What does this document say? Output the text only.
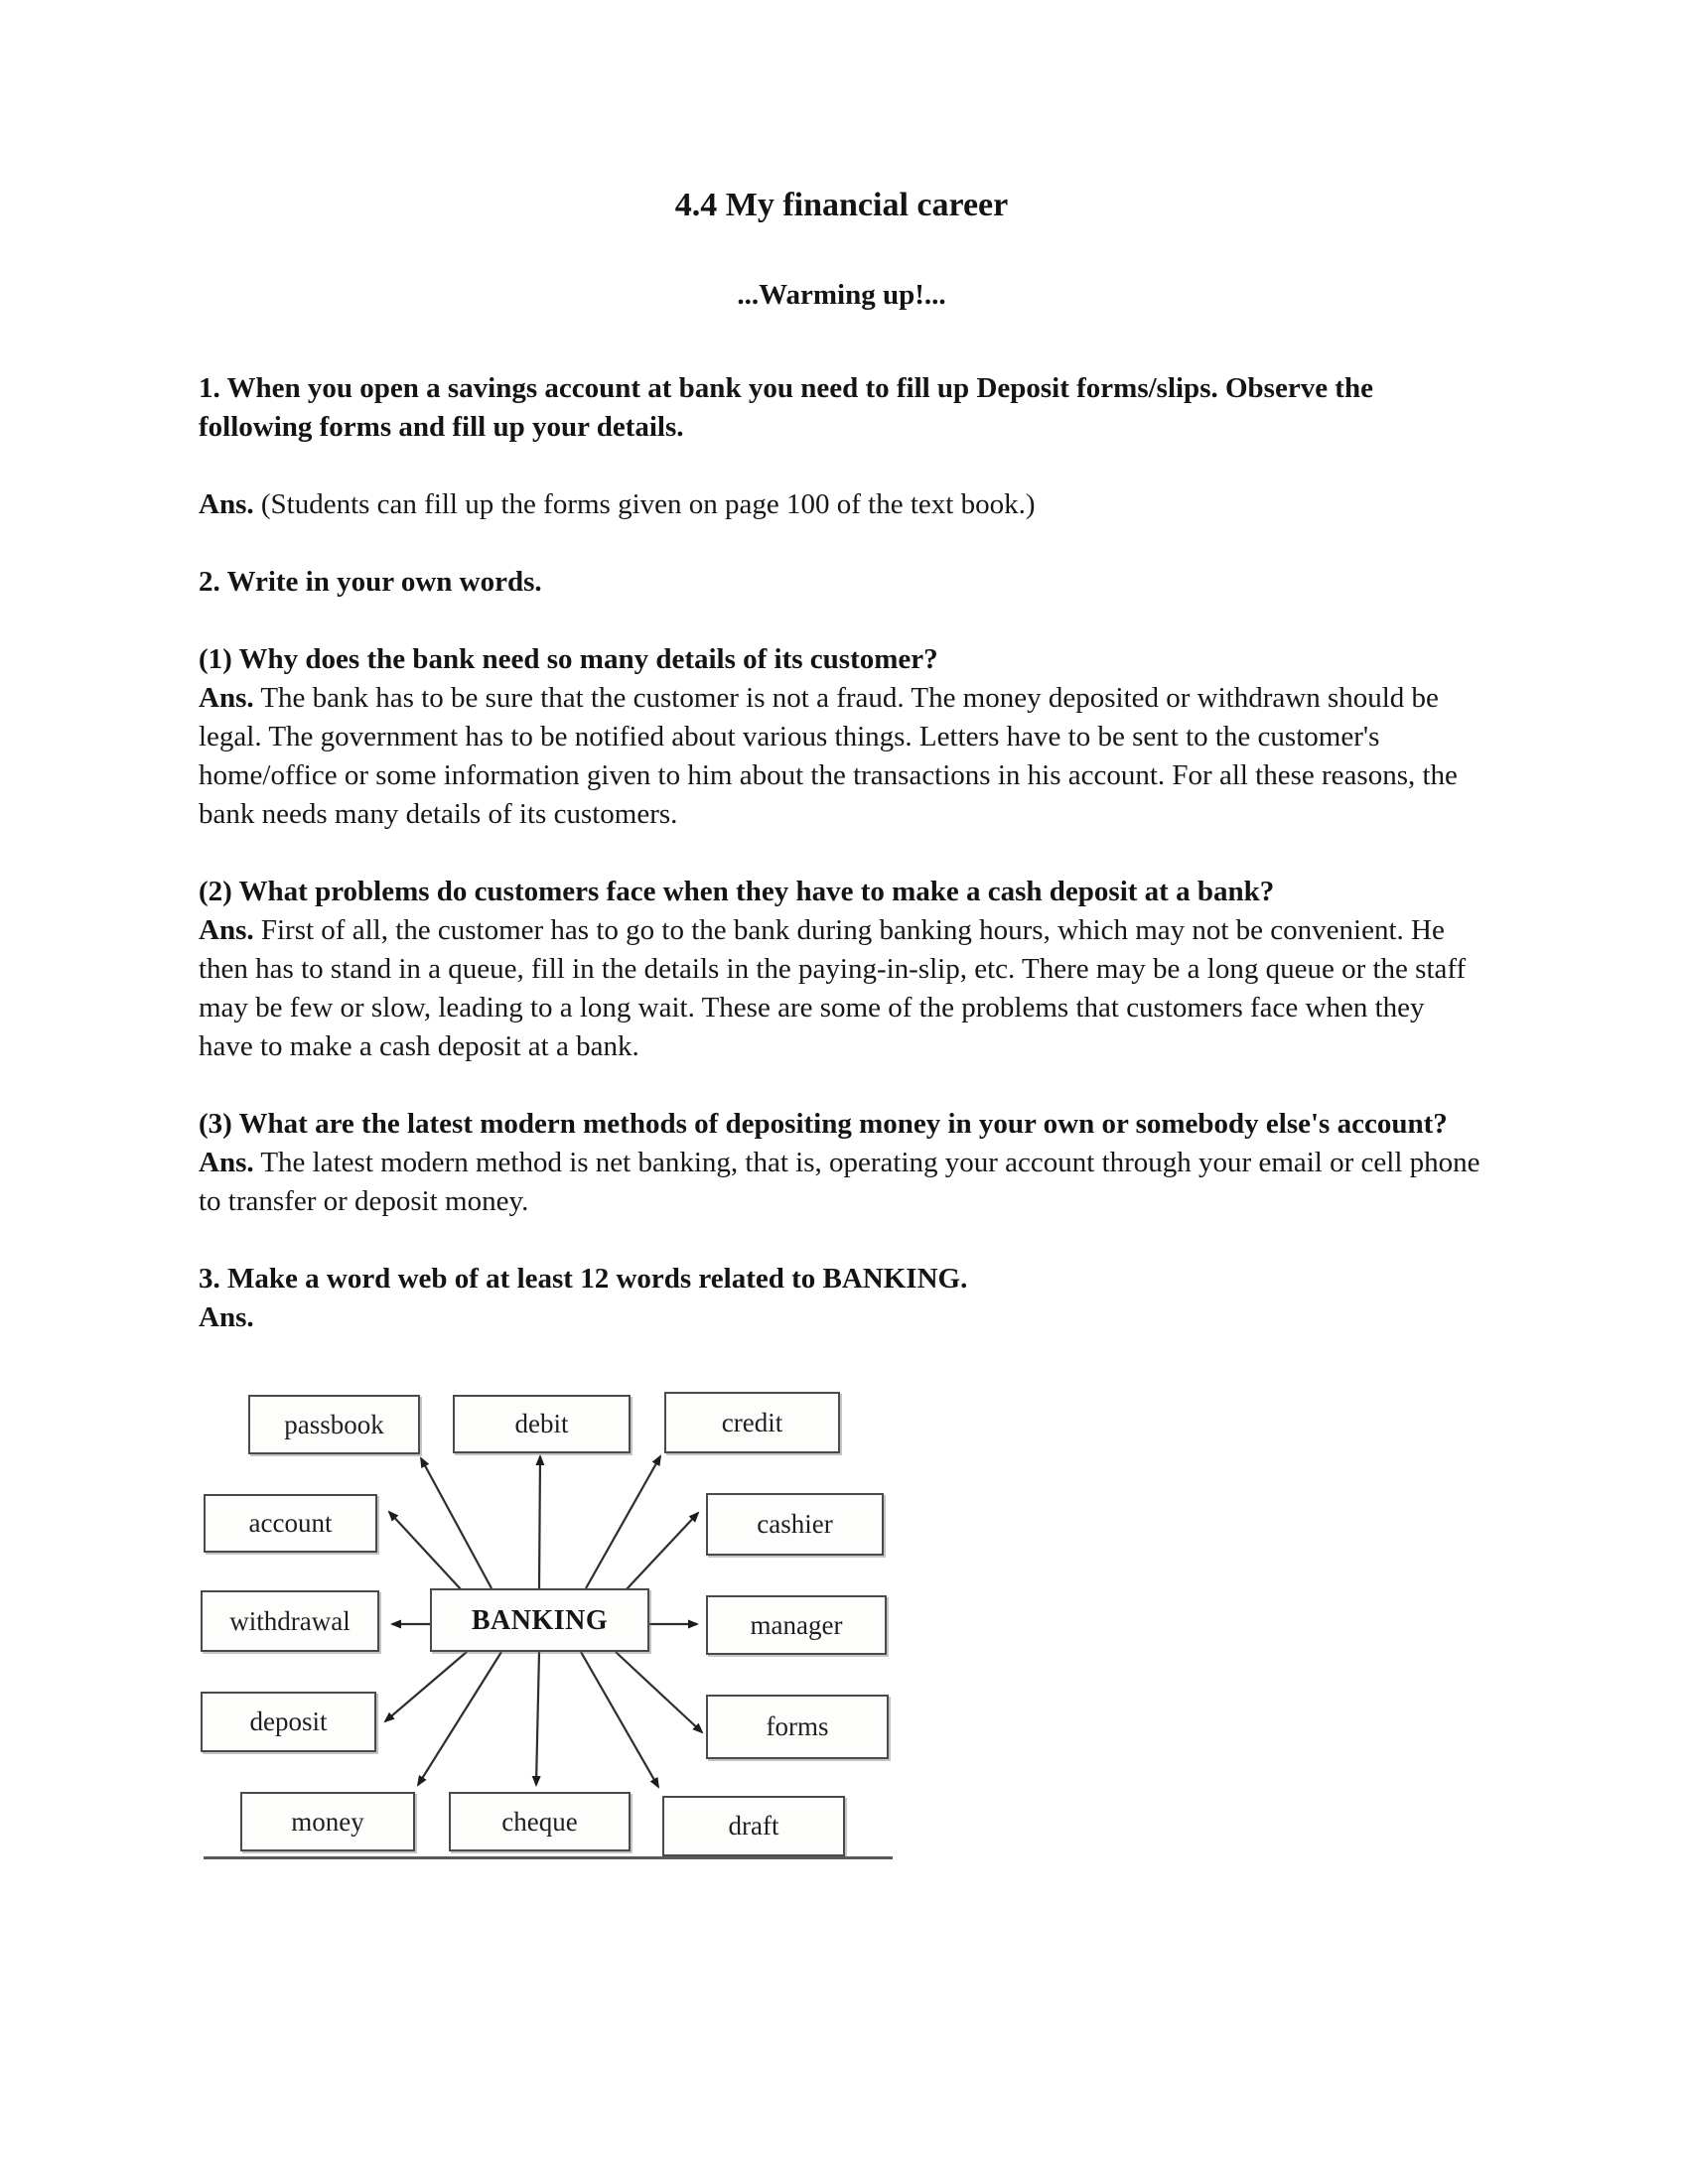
4.4 My financial career
...Warming up!...

1. When you open a savings account at bank you need to fill up Deposit forms/slips. Observe the following forms and fill up your details.

Ans. (Students can fill up the forms given on page 100 of the text book.)

2. Write in your own words.

(1) Why does the bank need so many details of its customer?

Ans. The bank has to be sure that the customer is not a fraud. The money deposited or withdrawn should be legal. The government has to be notified about various things. Letters have to be sent to the customer's home/office or some information given to him about the transactions in his account. For all these reasons, the bank needs many details of its customers.

(2) What problems do customers face when they have to make a cash deposit at a bank?

Ans. First of all, the customer has to go to the bank during banking hours, which may not be convenient. He then has to stand in a queue, fill in the details in the paying-in-slip, etc. There may be a long queue or the staff may be few or slow, leading to a long wait. These are some of the problems that customers face when they have to make a cash deposit at a bank.

(3) What are the latest modern methods of depositing money in your own or somebody else's account?

Ans. The latest modern method is net banking, that is, operating your account through your email or cell phone to transfer or deposit money.

3. Make a word web of at least 12 words related to BANKING.

Ans.

passbook	debit	credit
account	cashier
withdrawal	BANKING	manager
deposit	forms
money	cheque	draft
